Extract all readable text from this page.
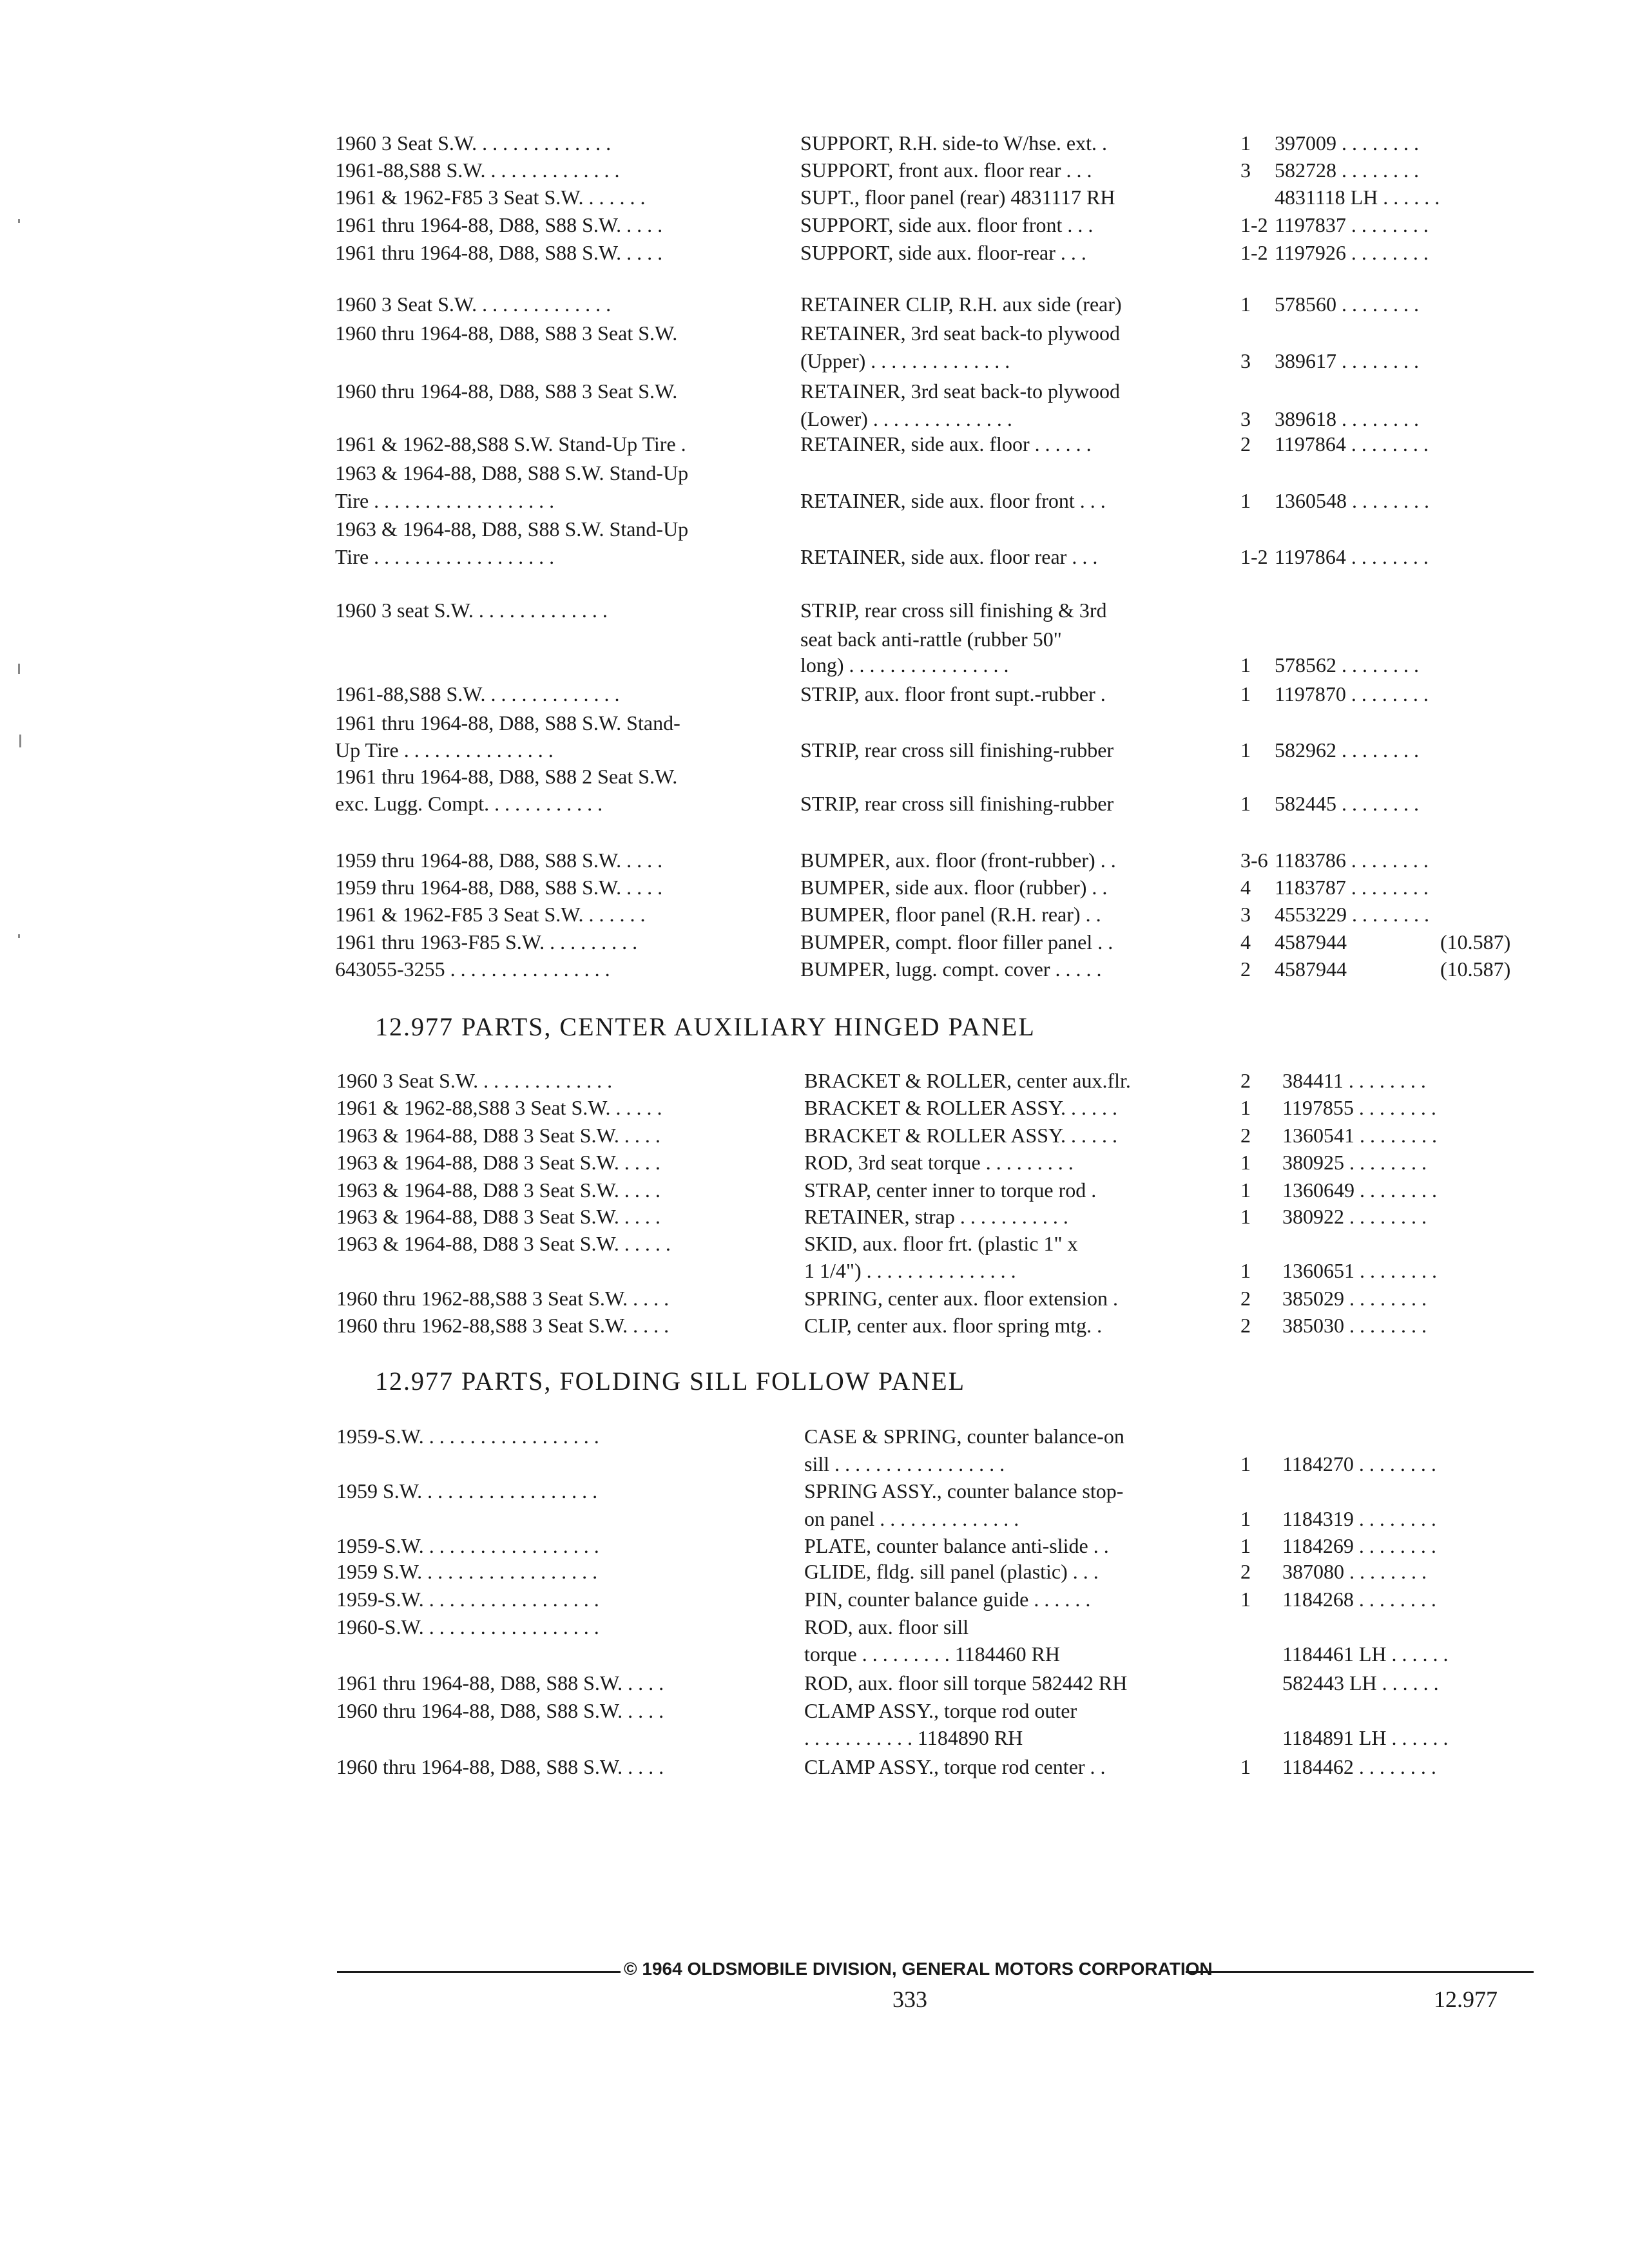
1960 3 Seat S.W. . . . . . . . . . . . . .	SUPPORT, R.H. side-to W/hse. ext. .	1 397009 . . . . . . . .
1961-88,S88 S.W. . . . . . . . . . . . . .	SUPPORT, front aux. floor rear . . .	3 582728 . . . . . . . .
1961 & 1962-F85 3 Seat S.W. . . . . . .	SUPT., floor panel (rear) 4831117 RH	4831118 LH . . . . . .
1961 thru 1964-88, D88, S88 S.W. . . . .	SUPPORT, side aux. floor front . . .	1-2 1197837 . . . . . . . .
1961 thru 1964-88, D88, S88 S.W. . . . .	SUPPORT, side aux. floor-rear . . .	1-2 1197926 . . . . . . . .
1960 3 Seat S.W. . . . . . . . . . . . . .	RETAINER CLIP, R.H. aux side (rear)	1 578560 . . . . . . . .
1960 thru 1964-88, D88, S88 3 Seat S.W.	RETAINER, 3rd seat back-to plywood
(Upper) . . . . . . . . . . . . . .	3 389617 . . . . . . . .
1960 thru 1964-88, D88, S88 3 Seat S.W.	RETAINER, 3rd seat back-to plywood
(Lower) . . . . . . . . . . . . . .	3 389618 . . . . . . . .
1961 & 1962-88,S88 S.W. Stand-Up Tire .	RETAINER, side aux. floor . . . . . .	2 1197864 . . . . . . . .
1963 & 1964-88, D88, S88 S.W. Stand-Up
Tire . . . . . . . . . . . . . . . . . .	RETAINER, side aux. floor front . . .	1 1360548 . . . . . . . .
1963 & 1964-88, D88, S88 S.W. Stand-Up
Tire . . . . . . . . . . . . . . . . . .	RETAINER, side aux. floor rear . . .	1-2 1197864 . . . . . . . .
1960 3 seat S.W. . . . . . . . . . . . . .	STRIP, rear cross sill finishing & 3rd
seat back anti-rattle (rubber 50"
long) . . . . . . . . . . . . . . . .	1 578562 . . . . . . . .
1961-88,S88 S.W. . . . . . . . . . . . . .	STRIP, aux. floor front supt.-rubber .	1 1197870 . . . . . . . .
1961 thru 1964-88, D88, S88 S.W. Stand-
Up Tire . . . . . . . . . . . . . . .	STRIP, rear cross sill finishing-rubber	1 582962 . . . . . . . .
1961 thru 1964-88, D88, S88 2 Seat S.W.
exc. Lugg. Compt. . . . . . . . . . . .	STRIP, rear cross sill finishing-rubber	1 582445 . . . . . . . .
1959 thru 1964-88, D88, S88 S.W. . . . .	BUMPER, aux. floor (front-rubber) . .	3-6 1183786 . . . . . . . .
1959 thru 1964-88, D88, S88 S.W. . . . .	BUMPER, side aux. floor (rubber) . .	4 1183787 . . . . . . . .
1961 & 1962-F85 3 Seat S.W. . . . . . .	BUMPER, floor panel (R.H. rear) . .	3 4553229 . . . . . . . .
1961 thru 1963-F85 S.W. . . . . . . . . .	BUMPER, compt. floor filler panel . .	4 4587944	(10.587)
643055-3255 . . . . . . . . . . . . . . . .	BUMPER, lugg. compt. cover . . . . .	2 4587944	(10.587)
12.977 PARTS, CENTER AUXILIARY HINGED PANEL
1960 3 Seat S.W. . . . . . . . . . . . . .	BRACKET & ROLLER, center aux.flr.	2 384411 . . . . . . . .
1961 & 1962-88,S88 3 Seat S.W. . . . . .	BRACKET & ROLLER ASSY. . . . . .	1 1197855 . . . . . . . .
1963 & 1964-88, D88 3 Seat S.W. . . . .	BRACKET & ROLLER ASSY. . . . . .	2 1360541 . . . . . . . .
1963 & 1964-88, D88 3 Seat S.W. . . . .	ROD, 3rd seat torque . . . . . . . . .	1 380925 . . . . . . . .
1963 & 1964-88, D88 3 Seat S.W. . . . .	STRAP, center inner to torque rod .	1 1360649 . . . . . . . .
1963 & 1964-88, D88 3 Seat S.W. . . . .	RETAINER, strap . . . . . . . . . . .	1 380922 . . . . . . . .
1963 & 1964-88, D88 3 Seat S.W. . . . . .	SKID, aux. floor frt. (plastic 1" x
1 1/4") . . . . . . . . . . . . . . .	1 1360651 . . . . . . . .
1960 thru 1962-88,S88 3 Seat S.W. . . . .	SPRING, center aux. floor extension .	2 385029 . . . . . . . .
1960 thru 1962-88,S88 3 Seat S.W. . . . .	CLIP, center aux. floor spring mtg. .	2 385030 . . . . . . . .
12.977 PARTS, FOLDING SILL FOLLOW PANEL
1959-S.W. . . . . . . . . . . . . . . . . .	CASE & SPRING, counter balance-on
sill . . . . . . . . . . . . . . . . .	1 1184270 . . . . . . . .
1959 S.W. . . . . . . . . . . . . . . . . .	SPRING ASSY., counter balance stop-
on panel . . . . . . . . . . . . . .	1 1184319 . . . . . . . .
1959-S.W. . . . . . . . . . . . . . . . . .	PLATE, counter balance anti-slide . .	1 1184269 . . . . . . . .
1959 S.W. . . . . . . . . . . . . . . . . .	GLIDE, fldg. sill panel (plastic) . . .	2 387080 . . . . . . . .
1959-S.W. . . . . . . . . . . . . . . . . .	PIN, counter balance guide . . . . . .	1 1184268 . . . . . . . .
1960-S.W. . . . . . . . . . . . . . . . . .	ROD, aux. floor sill
torque . . . . . . . . . 1184460 RH	1184461 LH . . . . . .
1961 thru 1964-88, D88, S88 S.W. . . . .	ROD, aux. floor sill torque 582442 RH	582443 LH . . . . . .
1960 thru 1964-88, D88, S88 S.W. . . . .	CLAMP ASSY., torque rod outer
. . . . . . . . . . . 1184890 RH	1184891 LH . . . . . .
1960 thru 1964-88, D88, S88 S.W. . . . .	CLAMP ASSY., torque rod center . .	1 1184462 . . . . . . . .
© 1964 OLDSMOBILE DIVISION, GENERAL MOTORS CORPORATION
333	12.977
